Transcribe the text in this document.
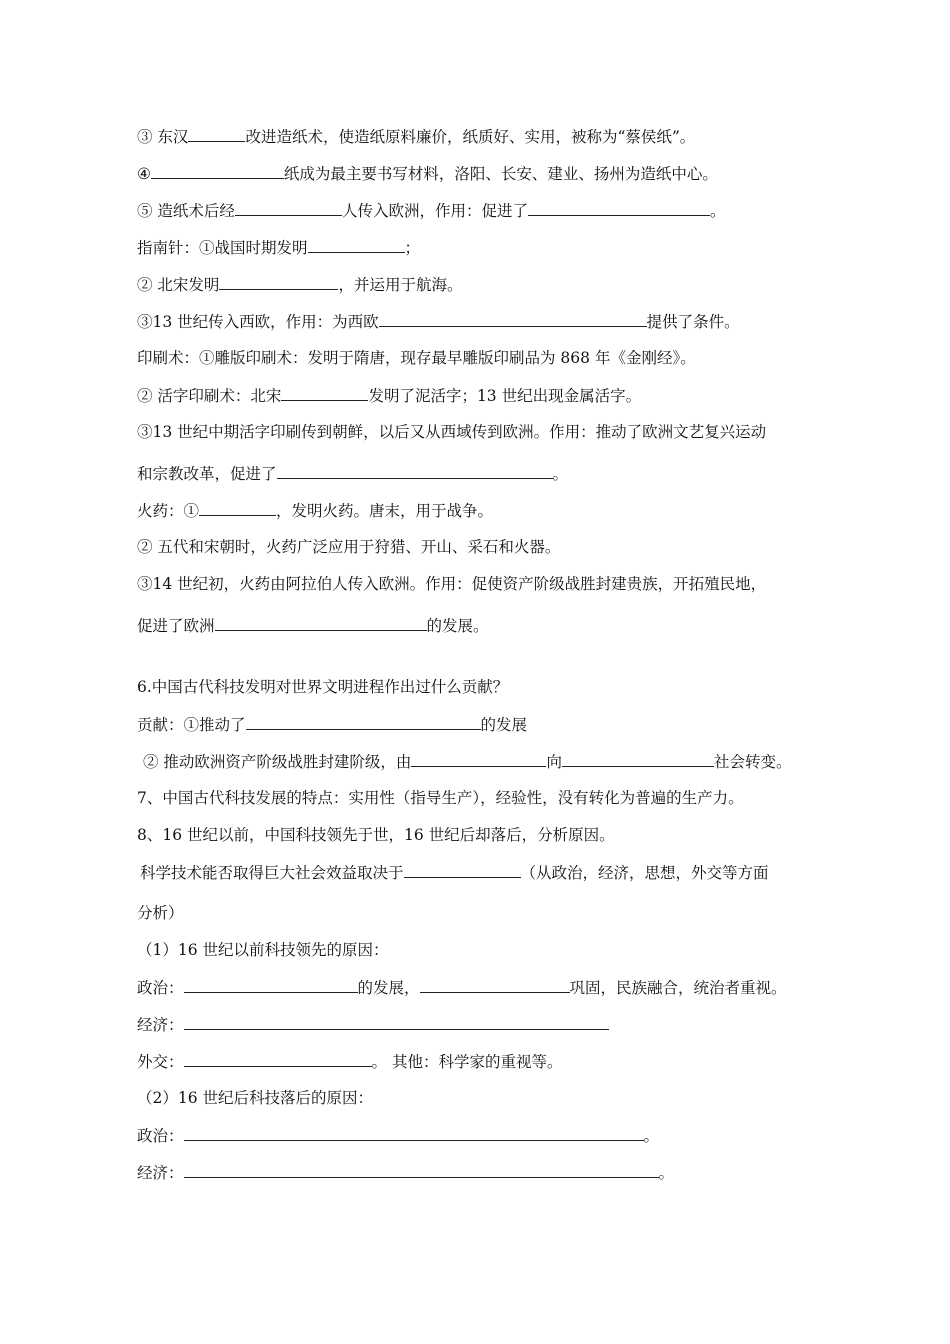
③ 东汉	改进造纸术，使造纸原料廉价，纸质好、实用，被称为“蔡侯纸”。
④	纸成为最主要书写材料，洛阳、长安、建业、扬州为造纸中心。
⑤ 造纸术后经	人传入欧洲，作用：促进了	。
指南针：①战国时期发明	；
② 北宋发明	，并运用于航海。
③13 世纪传入西欧，作用：为西欧	提供了条件。
印刷术：①雕版印刷术：发明于隋唐，现存最早雕版印刷品为 868 年《金刚经》。
② 活字印刷术：北宋	发明了泥活字；13 世纪出现金属活字。
③13 世纪中期活字印刷传到朝鲜，以后又从西域传到欧洲。作用：推动了欧洲文艺复兴运动
和宗教改革，促进了	。
火药：①	，发明火药。唐末，用于战争。
② 五代和宋朝时，火药广泛应用于狩猎、开山、采石和火器。
③14 世纪初，火药由阿拉伯人传入欧洲。作用：促使资产阶级战胜封建贵族，开拓殖民地，
促进了欧洲	的发展。
6.中国古代科技发明对世界文明进程作出过什么贡献？
贡献：①推动了	的发展
② 推动欧洲资产阶级战胜封建阶级，由	向	社会转变。
7、中国古代科技发展的特点：实用性（指导生产），经验性，没有转化为普遍的生产力。
8、16 世纪以前，中国科技领先于世，16 世纪后却落后，分析原因。
科学技术能否取得巨大社会效益取决于	（从政治，经济，思想，外交等方面
分析）
（1）16 世纪以前科技领先的原因：
政治：	的发展，	巩固，民族融合，统治者重视。
经济：
外交：	。 其他：科学家的重视等。
（2）16 世纪后科技落后的原因：
政治：	。
经济：	。
